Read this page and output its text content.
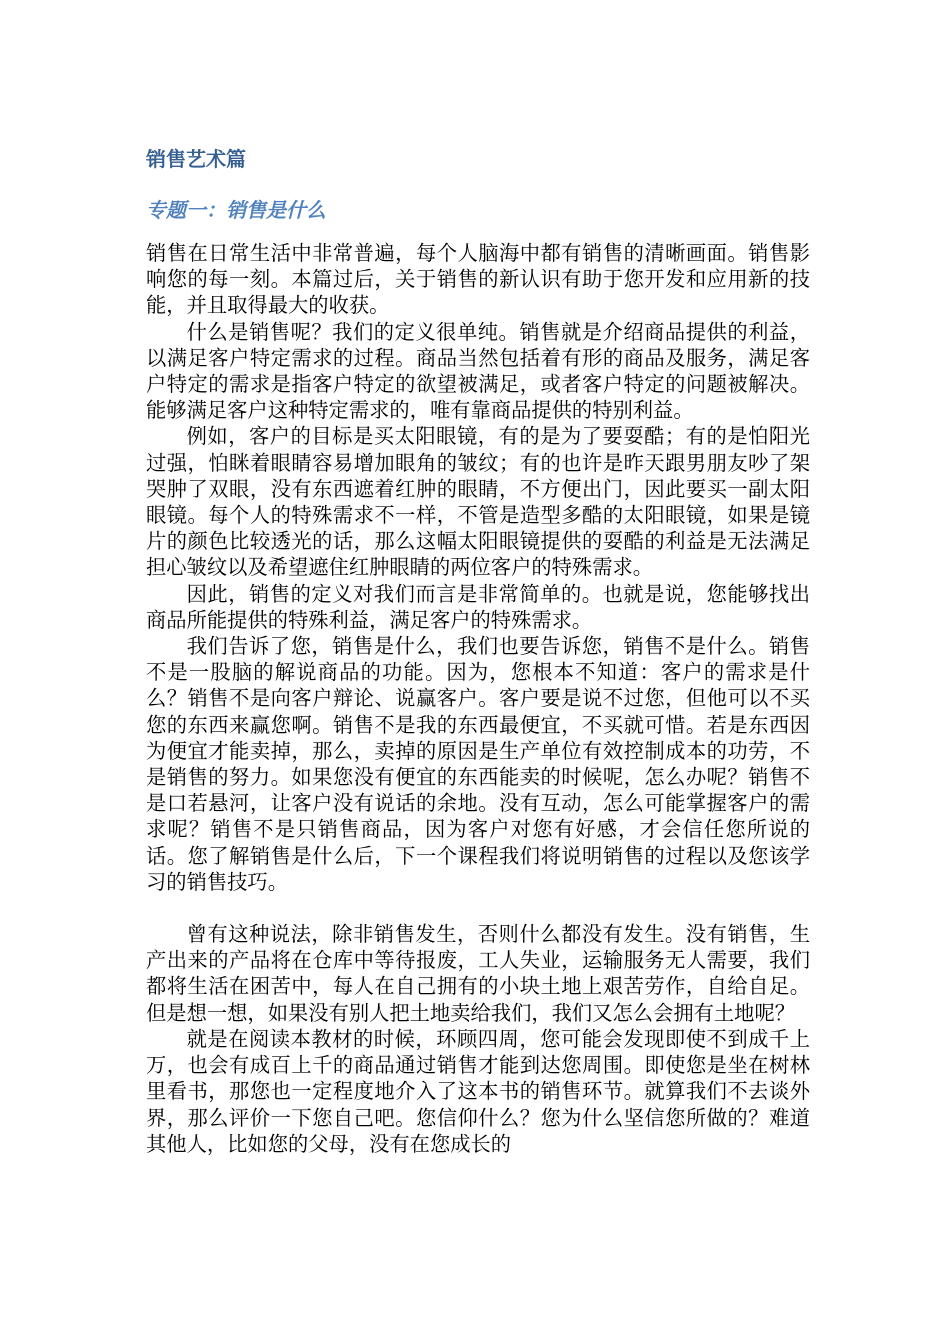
销售艺术篇
专题一：销售是什么

销售在日常生活中非常普遍，每个人脑海中都有销售的清晰画面。销售影响您的每一刻。本篇过后，关于销售的新认识有助于您开发和应用新的技能，并且取得最大的收获。

什么是销售呢？我们的定义很单纯。销售就是介绍商品提供的利益，以满足客户特定需求的过程。商品当然包括着有形的商品及服务，满足客户特定的需求是指客户特定的欲望被满足，或者客户特定的问题被解决。能够满足客户这种特定需求的，唯有靠商品提供的特别利益。

例如，客户的目标是买太阳眼镜，有的是为了要耍酷；有的是怕阳光过强，怕眯着眼睛容易增加眼角的皱纹；有的也许是昨天跟男朋友吵了架哭肿了双眼，没有东西遮着红肿的眼睛，不方便出门，因此要买一副太阳眼镜。每个人的特殊需求不一样，不管是造型多酷的太阳眼镜，如果是镜片的颜色比较透光的话，那么这幅太阳眼镜提供的耍酷的利益是无法满足担心皱纹以及希望遮住红肿眼睛的两位客户的特殊需求。

因此，销售的定义对我们而言是非常简单的。也就是说，您能够找出商品所能提供的特殊利益，满足客户的特殊需求。

我们告诉了您，销售是什么，我们也要告诉您，销售不是什么。销售不是一股脑的解说商品的功能。因为，您根本不知道：客户的需求是什么？销售不是向客户辩论、说赢客户。客户要是说不过您，但他可以不买您的东西来赢您啊。销售不是我的东西最便宜，不买就可惜。若是东西因为便宜才能卖掉，那么，卖掉的原因是生产单位有效控制成本的功劳，不是销售的努力。如果您没有便宜的东西能卖的时候呢，怎么办呢？销售不是口若悬河，让客户没有说话的余地。没有互动，怎么可能掌握客户的需求呢？销售不是只销售商品，因为客户对您有好感，才会信任您所说的话。您了解销售是什么后，下一个课程我们将说明销售的过程以及您该学习的销售技巧。

曾有这种说法，除非销售发生，否则什么都没有发生。没有销售，生产出来的产品将在仓库中等待报废，工人失业，运输服务无人需要，我们都将生活在困苦中，每人在自己拥有的小块土地上艰苦劳作，自给自足。但是想一想，如果没有别人把土地卖给我们，我们又怎么会拥有土地呢？

就是在阅读本教材的时候，环顾四周，您可能会发现即使不到成千上万，也会有成百上千的商品通过销售才能到达您周围。即使您是坐在树林里看书，那您也一定程度地介入了这本书的销售环节。就算我们不去谈外界，那么评价一下您自己吧。您信仰什么？您为什么坚信您所做的？难道其他人，比如您的父母，没有在您成长的
